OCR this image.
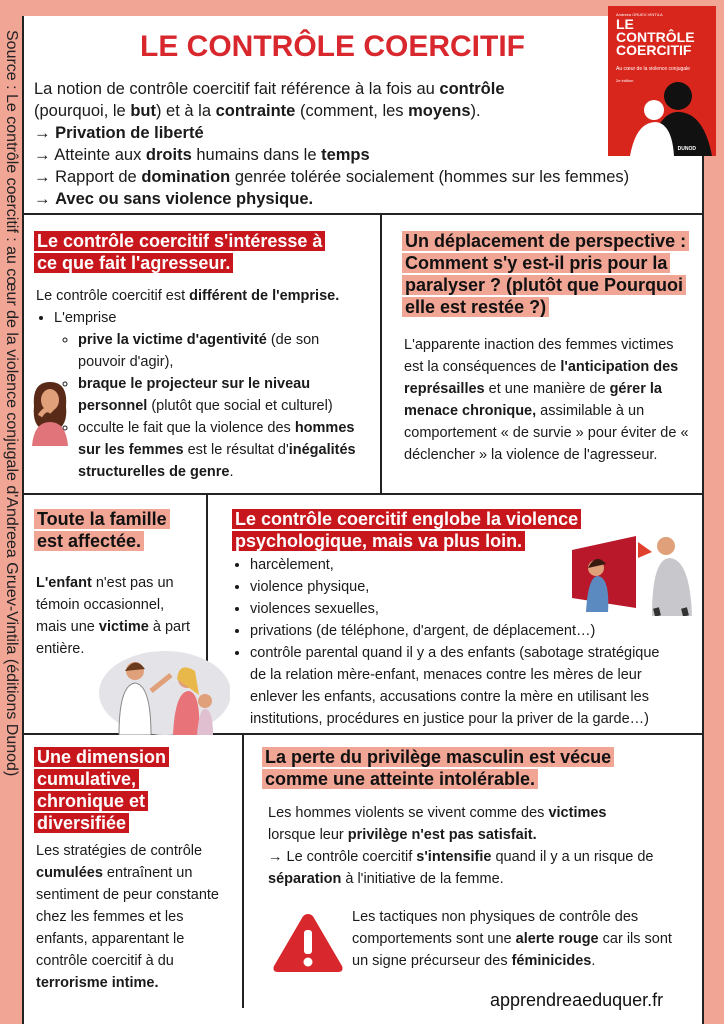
Source : Le contrôle coercitif : au cœur de la violence conjugale d'Andreea Gruev-Vintila (éditions Dunod)
Andreea GRUEV-VINTILA
LE
CONTRÔLE
COERCITIF
Au cœur de la violence conjugale
2e édition
DUNOD
LE CONTRÔLE COERCITIF

La notion de contrôle coercitif fait référence à la fois au contrôle

(pourquoi, le but) et à la contrainte (comment, les moyens).

→ Privation de liberté

→ Atteinte aux droits humains dans le temps

→ Rapport de domination genrée tolérée socialement (hommes sur les femmes)

→ Avec ou sans violence physique.

Le contrôle coercitif s'intéresse à ce que fait l'agresseur.
Le contrôle coercitif est différent de l'emprise.
• L'emprise
◦ prive la victime d'agentivité (de son pouvoir d'agir),
◦ braque le projecteur sur le niveau personnel (plutôt que social et culturel)
◦ occulte le fait que la violence des hommes sur les femmes est le résultat d'inégalités structurelles de genre.
Un déplacement de perspective : Comment s'y est-il pris pour la paralyser ? (plutôt que Pourquoi elle est restée ?)
L'apparente inaction des femmes victimes est la conséquences de l'anticipation des représailles et une manière de gérer la menace chronique, assimilable à un comportement « de survie » pour éviter de « déclencher » la violence de l'agresseur.
Toute la famille est affectée.
L'enfant n'est pas un témoin occasionnel, mais une victime à part entière.
Le contrôle coercitif englobe la violence psychologique, mais va plus loin.
• harcèlement,
• violence physique,
• violences sexuelles,
• privations (de téléphone, d'argent, de déplacement…)
• contrôle parental quand il y a des enfants (sabotage stratégique de la relation mère-enfant, menaces contre les mères de leur enlever les enfants, accusations contre la mère en utilisant les institutions, procédures en justice pour la priver de la garde…)
Une dimension cumulative, chronique et diversifiée
Les stratégies de contrôle cumulées entraînent un sentiment de peur constante chez les femmes et les enfants, apparentant le contrôle coercitif à du terrorisme intime.
La perte du privilège masculin est vécue comme une atteinte intolérable.
Les hommes violents se vivent comme des victimes lorsque leur privilège n'est pas satisfait.
→ Le contrôle coercitif s'intensifie quand il y a un risque de séparation à l'initiative de la femme.
Les tactiques non physiques de contrôle des comportements sont une alerte rouge car ils sont un signe précurseur des féminicides.
apprendreaeduquer.fr
